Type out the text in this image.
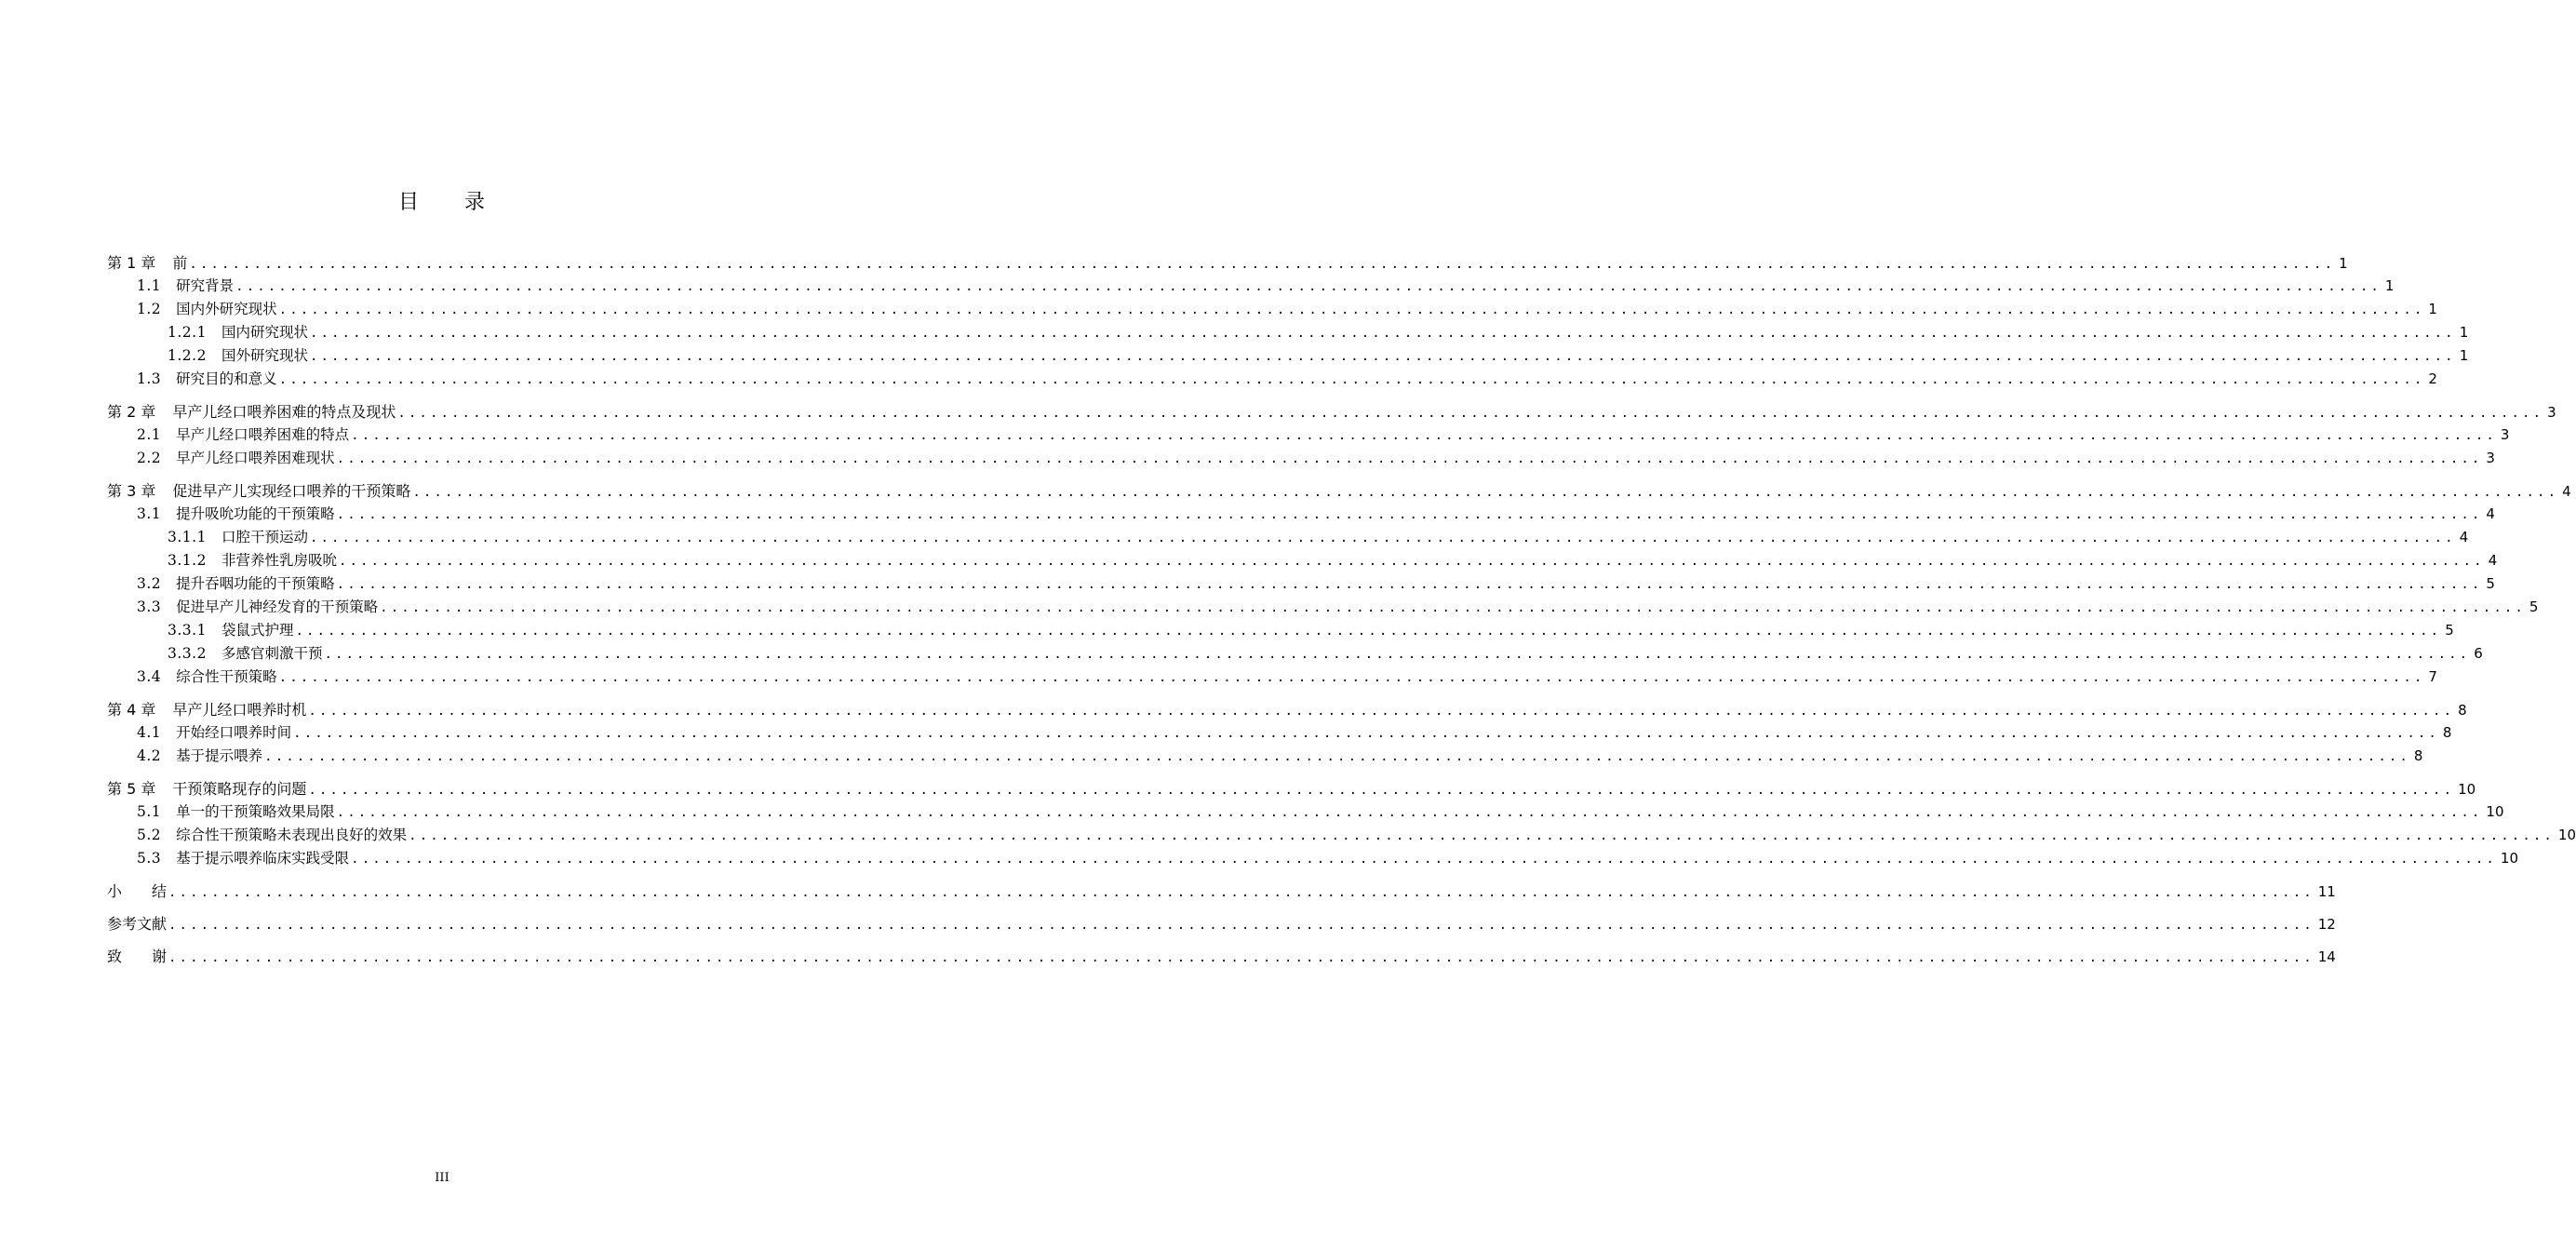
目 录
第 1 章 前 ........................................................................................................................................................................................................ 1
1.1 研究背景 ........................................................................................................................................................................................................ 1
1.2 国内外研究现状 ........................................................................................................................................................................................................ 1
1.2.1 国内研究现状 ........................................................................................................................................................................................................ 1
1.2.2 国外研究现状 ........................................................................................................................................................................................................ 1
1.3 研究目的和意义 ........................................................................................................................................................................................................ 2
第 2 章 早产儿经口喂养困难的特点及现状 ........................................................................................................................................................................................................ 3
2.1 早产儿经口喂养困难的特点 ........................................................................................................................................................................................................ 3
2.2 早产儿经口喂养困难现状 ........................................................................................................................................................................................................ 3
第 3 章 促进早产儿实现经口喂养的干预策略 ........................................................................................................................................................................................................ 4
3.1 提升吸吮功能的干预策略 ........................................................................................................................................................................................................ 4
3.1.1 口腔干预运动 ........................................................................................................................................................................................................ 4
3.1.2 非营养性乳房吸吮 ........................................................................................................................................................................................................ 4
3.2 提升吞咽功能的干预策略 ........................................................................................................................................................................................................ 5
3.3 促进早产儿神经发育的干预策略 ........................................................................................................................................................................................................ 5
3.3.1 袋鼠式护理 ........................................................................................................................................................................................................ 5
3.3.2 多感官刺激干预 ........................................................................................................................................................................................................ 6
3.4 综合性干预策略 ........................................................................................................................................................................................................ 7
第 4 章 早产儿经口喂养时机 ........................................................................................................................................................................................................ 8
4.1 开始经口喂养时间 ........................................................................................................................................................................................................ 8
4.2 基于提示喂养 ........................................................................................................................................................................................................ 8
第 5 章 干预策略现存的问题 ........................................................................................................................................................................................................ 10
5.1 单一的干预策略效果局限 ........................................................................................................................................................................................................ 10
5.2 综合性干预策略未表现出良好的效果 ........................................................................................................................................................................................................ 10
5.3 基于提示喂养临床实践受限 ........................................................................................................................................................................................................ 10
小　　结 ........................................................................................................................................................................................................ 11
参考文献 ........................................................................................................................................................................................................ 12
致　　谢 ........................................................................................................................................................................................................ 14
III
